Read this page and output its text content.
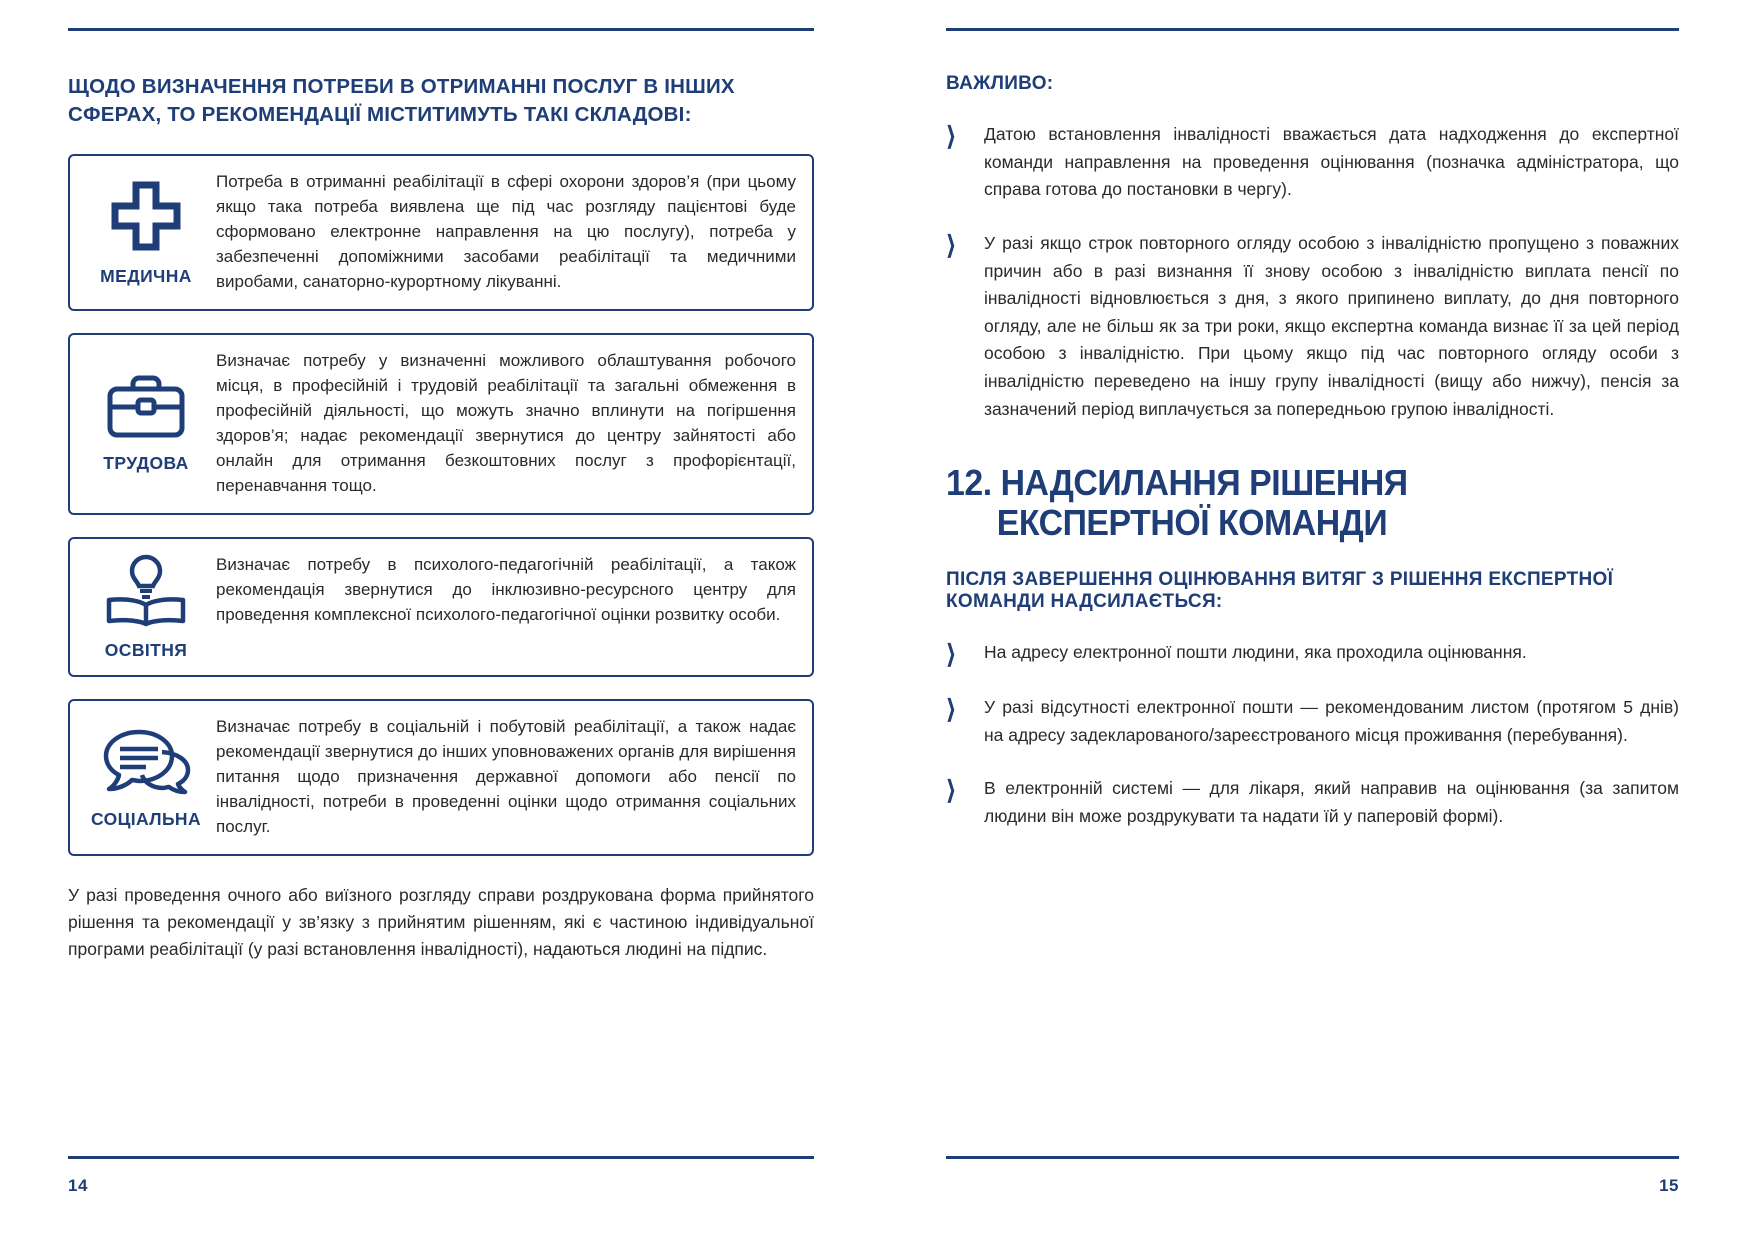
ЩОДО ВИЗНАЧЕННЯ ПОТРЕБИ В ОТРИМАННІ ПОСЛУГ В ІНШИХ СФЕРАХ, ТО РЕКОМЕНДАЦІЇ МІСТИТИМУТЬ ТАКІ СКЛАДОВІ:
МЕДИЧНА
Потреба в отриманні реабілітації в сфері охорони здоров’я (при цьому якщо така потреба виявлена ще під час розгляду пацієнтові буде сформовано електронне направлення на цю послугу), потреба у забезпеченні допоміжними засобами реабілітації та медичними виробами, санаторно-курортному лікуванні.
ТРУДОВА
Визначає потребу у визначенні можливого облаштування робочого місця, в професійній і трудовій реабілітації та загальні обмеження в професійній діяльності, що можуть значно вплинути на погіршення здоров’я; надає рекомендації звернутися до центру зайнятості або онлайн для отримання безкоштовних послуг з профорієнтації, перенавчання тощо.
ОСВІТНЯ
Визначає потребу в психолого-педагогічній реабілітації, а також рекомендація звернутися до інклюзивно-ресурсного центру для проведення комплексної психолого-педагогічної оцінки розвитку особи.
СОЦІАЛЬНА
Визначає потребу в соціальній і побутовій реабілітації, а також надає рекомендації звернутися до інших уповноважених органів для вирішення питання щодо призначення державної допомоги або пенсії по інвалідності, потреби в проведенні оцінки щодо отримання соціальних послуг.

У разі проведення очного або виїзного розгляду справи роздрукована форма прийнятого рішення та рекомендації у зв’язку з прийнятим рішенням, які є частиною індивідуальної програми реабілітації (у разі встановлення інвалідності), надаються людині на підпис.

14
ВАЖЛИВО:
⟩	Датою встановлення інвалідності вважається дата надходження до експертної команди направлення на проведення оцінювання (позначка адміністратора, що справа готова до постановки в чергу).
⟩	У разі якщо строк повторного огляду особою з інвалідністю пропущено з поважних причин або в разі визнання її знову особою з інвалідністю виплата пенсії по інвалідності відновлюється з дня, з якого припинено виплату, до дня повторного огляду, але не більш як за три роки, якщо експертна команда визнає її за цей період особою з інвалідністю. При цьому якщо під час повторного огляду особи з інвалідністю переведено на іншу групу інвалідності (вищу або нижчу), пенсія за зазначений період виплачується за попередньою групою інвалідності.
12. НАДСИЛАННЯ РІШЕННЯ
ЕКСПЕРТНОЇ КОМАНДИ
ПІСЛЯ ЗАВЕРШЕННЯ ОЦІНЮВАННЯ ВИТЯГ З РІШЕННЯ ЕКСПЕРТНОЇ КОМАНДИ НАДСИЛАЄТЬСЯ:
⟩	На адресу електронної пошти людини, яка проходила оцінювання.
⟩	У разі відсутності електронної пошти — рекомендованим листом (протягом 5 днів) на адресу задекларованого/зареєстрованого місця проживання (перебування).
⟩	В електронній системі — для лікаря, який направив на оцінювання (за запитом людини він може роздрукувати та надати їй у паперовій формі).
15
